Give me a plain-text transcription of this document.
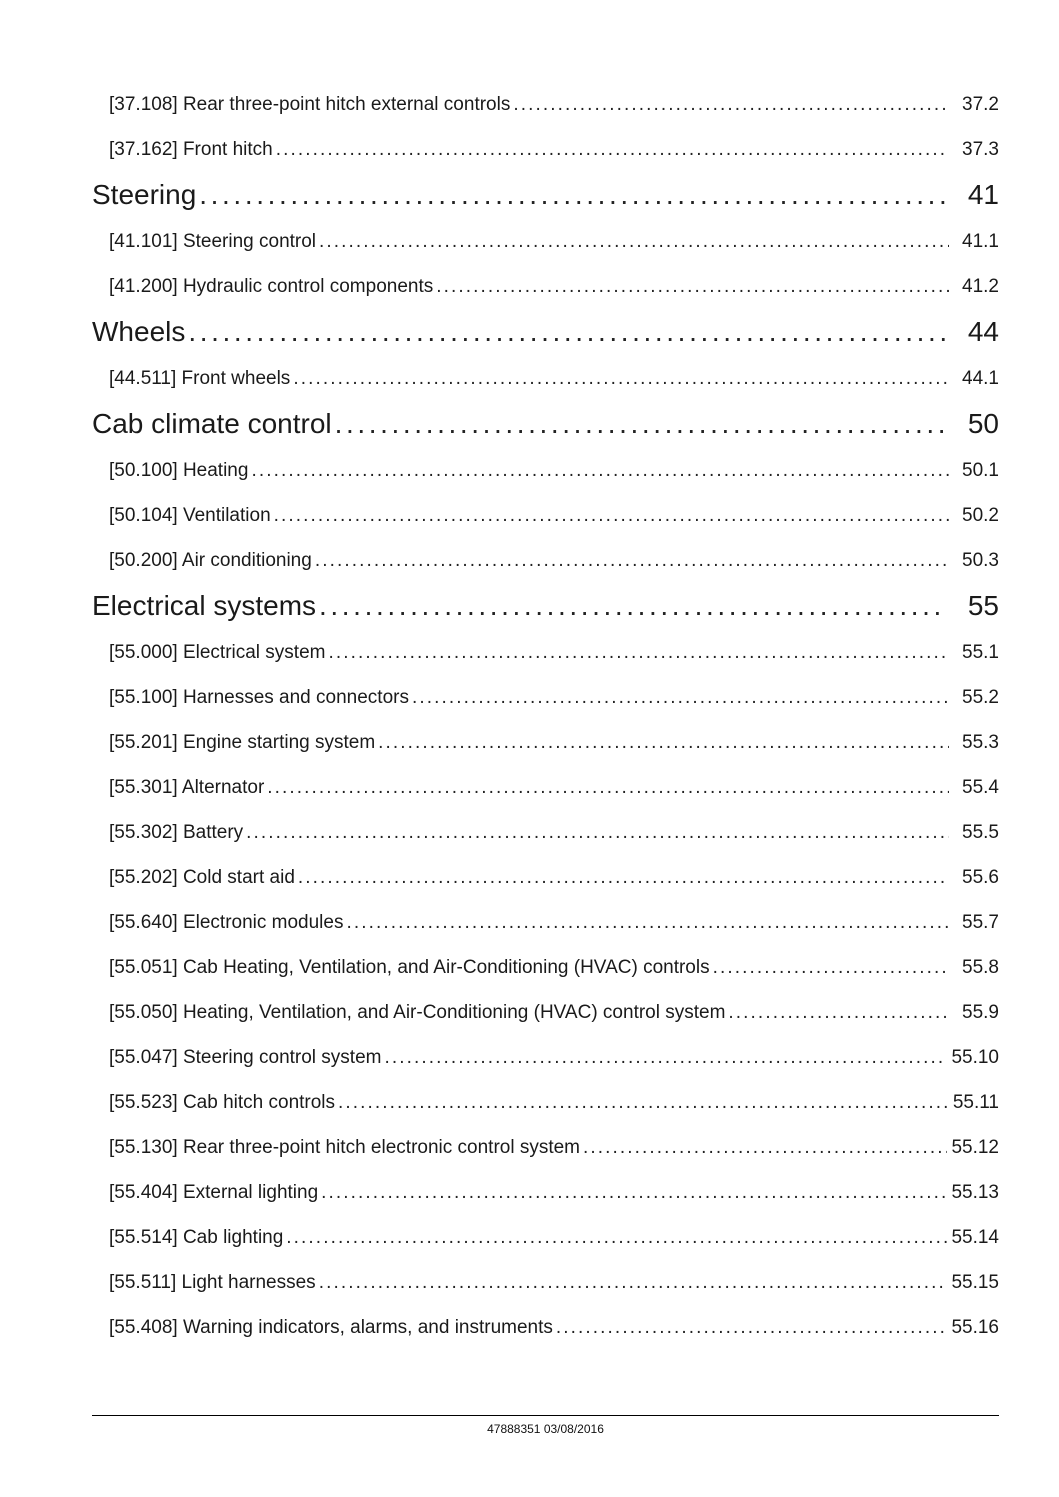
[37.108] Rear three-point hitch external controls .....	37.2
[37.162] Front hitch .....	37.3
Steering .....	41
[41.101] Steering control .....	41.1
[41.200] Hydraulic control components .....	41.2
Wheels .....	44
[44.511] Front wheels .....	44.1
Cab climate control .....	50
[50.100] Heating .....	50.1
[50.104] Ventilation .....	50.2
[50.200] Air conditioning .....	50.3
Electrical systems .....	55
[55.000] Electrical system .....	55.1
[55.100] Harnesses and connectors .....	55.2
[55.201] Engine starting system .....	55.3
[55.301] Alternator .....	55.4
[55.302] Battery .....	55.5
[55.202] Cold start aid .....	55.6
[55.640] Electronic modules .....	55.7
[55.051] Cab Heating, Ventilation, and Air-Conditioning (HVAC) controls .....	55.8
[55.050] Heating, Ventilation, and Air-Conditioning (HVAC) control system .....	55.9
[55.047] Steering control system .....	55.10
[55.523] Cab hitch controls .....	55.11
[55.130] Rear three-point hitch electronic control system .....	55.12
[55.404] External lighting .....	55.13
[55.514] Cab lighting .....	55.14
[55.511] Light harnesses .....	55.15
[55.408] Warning indicators, alarms, and instruments .....	55.16
47888351 03/08/2016
